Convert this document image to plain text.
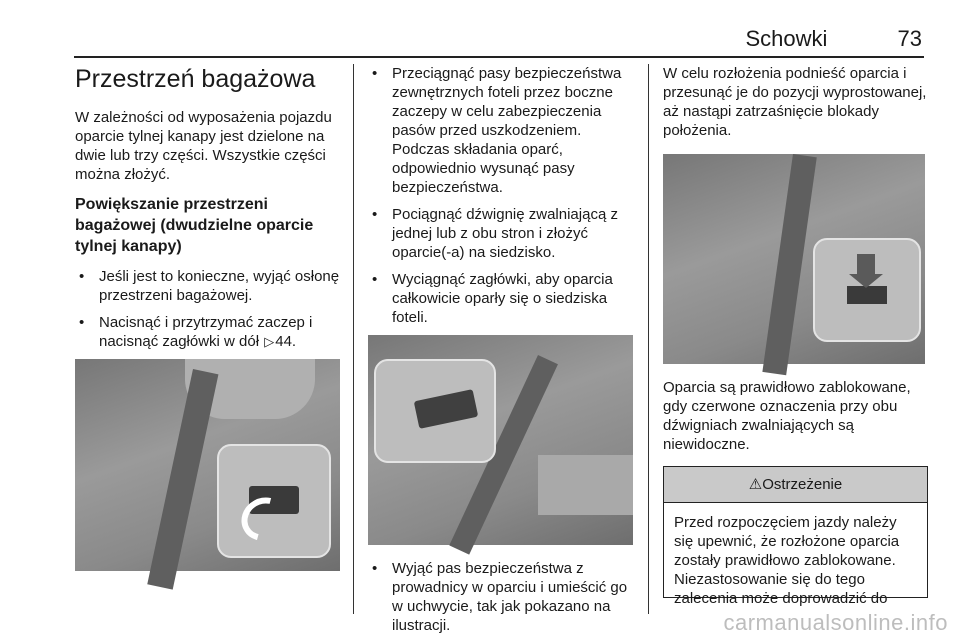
Schowki	73
Przestrzeń bagażowa

W zależności od wyposażenia pojazdu oparcie tylnej kanapy jest dzielone na dwie lub trzy części. Wszystkie części można złożyć.

Powiększanie przestrzeni bagażowej (dwudzielne oparcie tylnej kanapy)
• Jeśli jest to konieczne, wyjąć osłonę przestrzeni bagażowej.
• Nacisnąć i przytrzymać zaczep i nacisnąć zagłówki w dół ▷44.
• Przeciągnąć pasy bezpieczeństwa zewnętrznych foteli przez boczne zaczepy w celu zabezpieczenia pasów przed uszkodzeniem. Podczas składania oparć, odpowiednio wysunąć pasy bezpieczeństwa.
• Pociągnąć dźwignię zwalniającą z jednej lub z obu stron i złożyć oparcie(-a) na siedzisko.
• Wyciągnąć zagłówki, aby oparcia całkowicie oparły się o siedziska foteli.
• Wyjąć pas bezpieczeństwa z prowadnicy w oparciu i umieścić go w uchwycie, tak jak pokazano na ilustracji.

W celu rozłożenia podnieść oparcia i przesunąć je do pozycji wyprostowanej, aż nastąpi zatrzaśnięcie blokady położenia.

Oparcia są prawidłowo zablokowane, gdy czerwone oznaczenia przy obu dźwigniach zwalniających są niewidoczne.

⚠Ostrzeżenie
Przed rozpoczęciem jazdy należy się upewnić, że rozłożone oparcia zostały prawidłowo zablokowane. Niezastosowanie się do tego zalecenia może doprowadzić do
carmanualsonline.info
